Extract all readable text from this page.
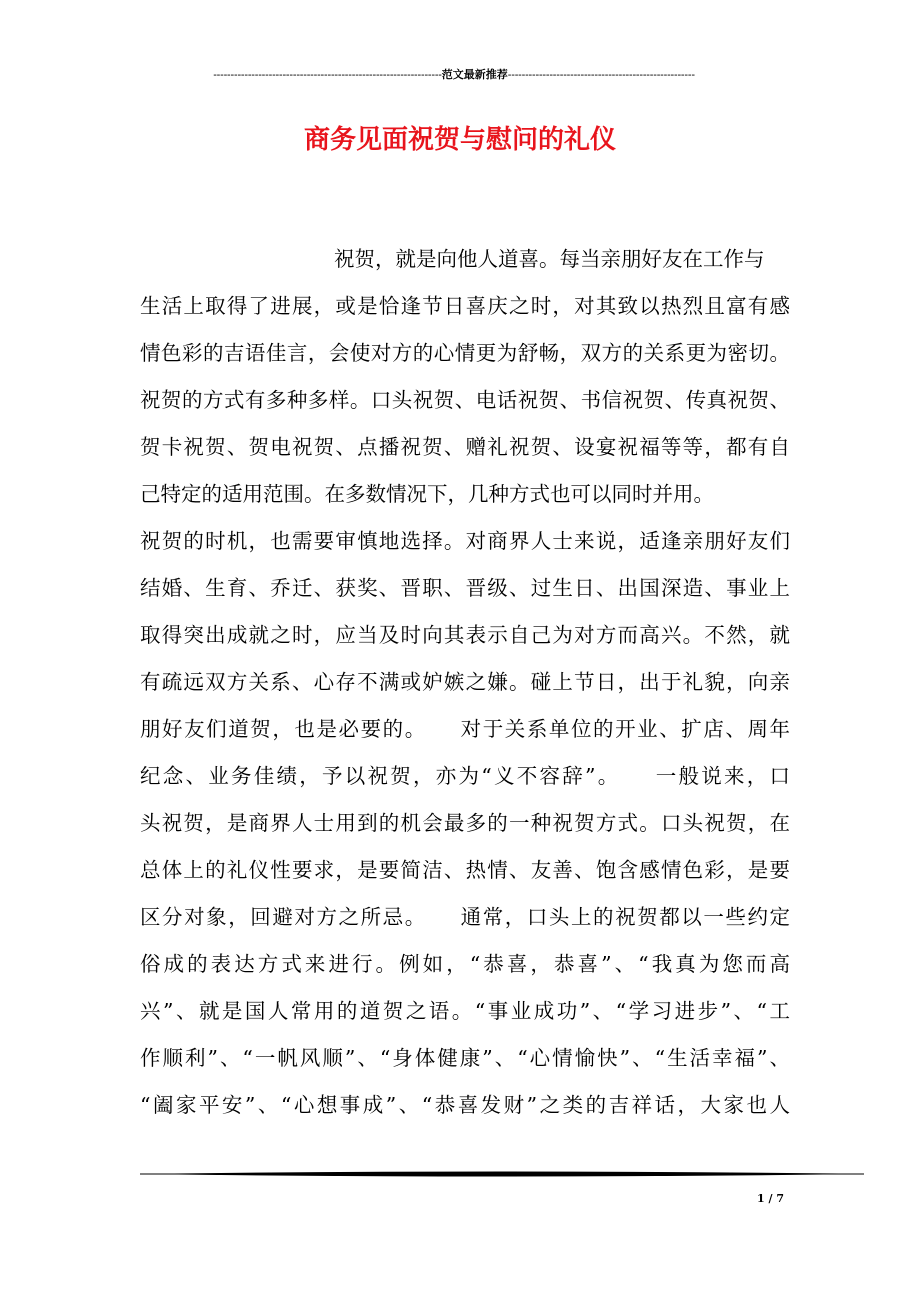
------------------------------------------------------------------范文最新推荐------------------------------------------------------
商务见面祝贺与慰问的礼仪
祝贺，就是向他人道喜。每当亲朋好友在工作与
生活上取得了进展，或是恰逢节日喜庆之时，对其致以热烈且富有感
情色彩的吉语佳言，会使对方的心情更为舒畅，双方的关系更为密切。
祝贺的方式有多种多样。口头祝贺、电话祝贺、书信祝贺、传真祝贺、
贺卡祝贺、贺电祝贺、点播祝贺、赠礼祝贺、设宴祝福等等，都有自
己特定的适用范围。在多数情况下，几种方式也可以同时并用。
祝贺的时机，也需要审慎地选择。对商界人士来说，适逢亲朋好友们
结婚、生育、乔迁、获奖、晋职、晋级、过生日、出国深造、事业上
取得突出成就之时，应当及时向其表示自己为对方而高兴。不然，就
有疏远双方关系、心存不满或妒嫉之嫌。碰上节日，出于礼貌，向亲
朋好友们道贺，也是必要的。　　对于关系单位的开业、扩店、周年
纪念、业务佳绩，予以祝贺，亦为“义不容辞”。　　一般说来，口
头祝贺，是商界人士用到的机会最多的一种祝贺方式。口头祝贺，在
总体上的礼仪性要求，是要简洁、热情、友善、饱含感情色彩，是要
区分对象，回避对方之所忌。　　通常，口头上的祝贺都以一些约定
俗成的表达方式来进行。例如，“恭喜，恭喜”、“我真为您而高
兴”、就是国人常用的道贺之语。“事业成功”、“学习进步”、“工
作顺利”、“一帆风顺”、“身体健康”、“心情愉快”、“生活幸福”、
“阖家平安”、“心想事成”、“恭喜发财”之类的吉祥话，大家也人
1 / 7
